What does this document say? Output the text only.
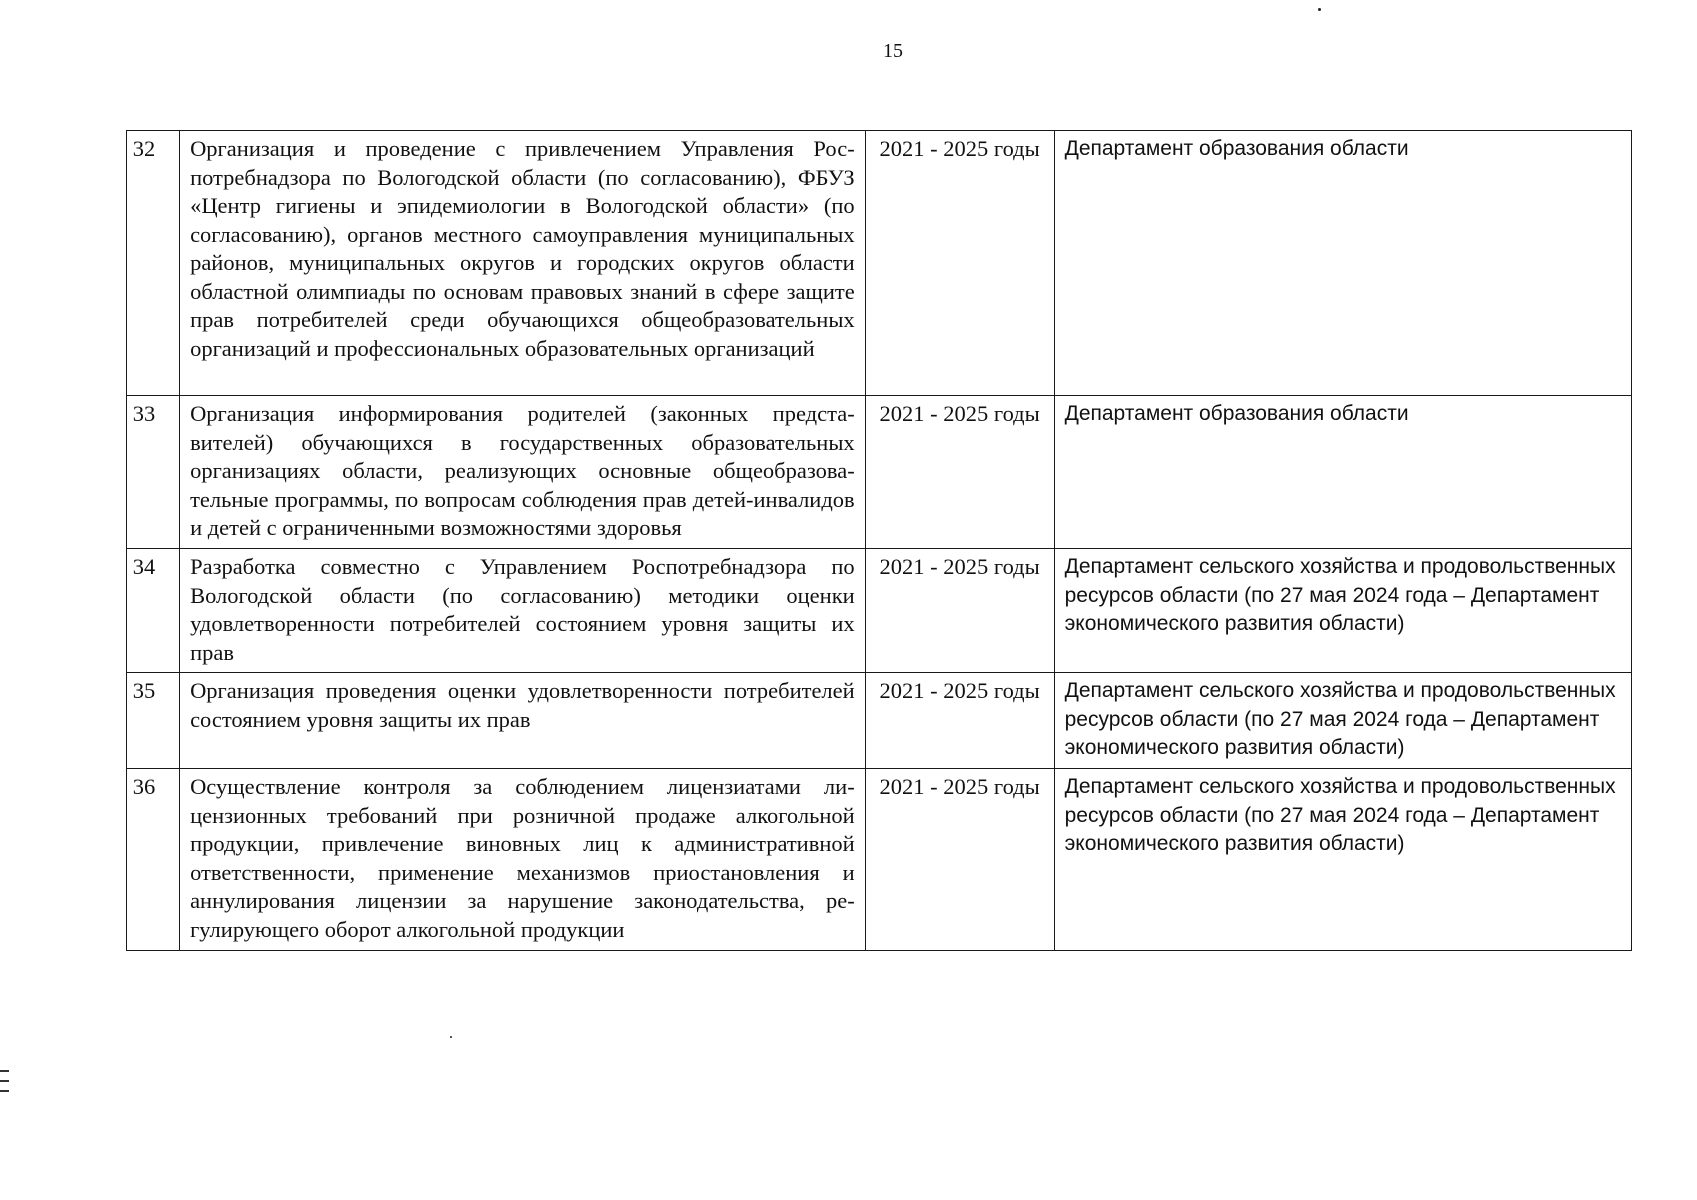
15
32	Организация и проведение с привлечением Управления Роспотребнадзора по Вологодской области (по согласованию), ФБУЗ «Центр гигиены и эпидемиологии в Вологодской области» (по согласованию), органов местного самоуправления муниципальных районов, муниципальных округов и городских округов области областной олимпиады по основам правовых знаний в сфере защите прав потребителей среди обучающихся общеобразовательных организаций и профессиональных образовательных организаций	2021 - 2025 годы	Департамент образования области
33	Организация информирования родителей (законных представителей) обучающихся в государственных образовательных организациях области, реализующих основные общеобразовательные программы, по вопросам соблюдения прав детей-инвалидов и детей с ограниченными возможностями здоровья	2021 - 2025 годы	Департамент образования области
34	Разработка совместно с Управлением Роспотребнадзора по Вологодской области (по согласованию) методики оценки удовлетворенности потребителей состоянием уровня защиты их прав	2021 - 2025 годы	Департамент сельского хозяйства и продовольственных ресурсов области (по 27 мая 2024 года – Департамент экономического развития области)
35	Организация проведения оценки удовлетворенности потребителей состоянием уровня защиты их прав	2021 - 2025 годы	Департамент сельского хозяйства и продовольственных ресурсов области (по 27 мая 2024 года – Департамент экономического развития области)
36	Осуществление контроля за соблюдением лицензиатами лицензионных требований при розничной продаже алкогольной продукции, привлечение виновных лиц к административной ответственности, применение механизмов приостановления и аннулирования лицензии за нарушение законодательства, регулирующего оборот алкогольной продукции	2021 - 2025 годы	Департамент сельского хозяйства и продовольственных ресурсов области (по 27 мая 2024 года – Департамент экономического развития области)
